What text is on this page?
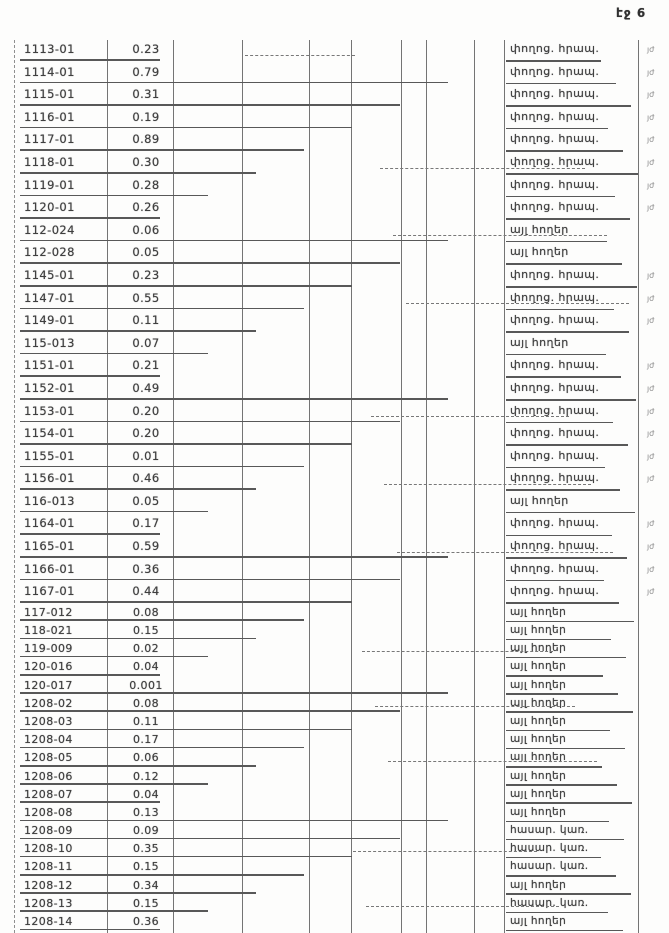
էջ 6
1113-01	0.23	փողոց. հրապ.	յժ
1114-01	0.79	փողոց. հրապ.	յժ
1115-01	0.31	փողոց. հրապ.	յժ
1116-01	0.19	փողոց. հրապ.	յժ
1117-01	0.89	փողոց. հրապ.	յժ
1118-01	0.30	փողոց. հրապ.	յժ
1119-01	0.28	փողոց. հրապ.	յժ
1120-01	0.26	փողոց. հրապ.	յժ
112-024	0.06	այլ հողեր
112-028	0.05	այլ հողեր
1145-01	0.23	փողոց. հրապ.	յժ
1147-01	0.55	փողոց. հրապ.	յժ
1149-01	0.11	փողոց. հրապ.	յժ
115-013	0.07	այլ հողեր
1151-01	0.21	փողոց. հրապ.	յժ
1152-01	0.49	փողոց. հրապ.	յժ
1153-01	0.20	փողոց. հրապ.	յժ
1154-01	0.20	փողոց. հրապ.	յժ
1155-01	0.01	փողոց. հրապ.	յժ
1156-01	0.46	փողոց. հրապ.	յժ
116-013	0.05	այլ հողեր
1164-01	0.17	փողոց. հրապ.	յժ
1165-01	0.59	փողոց. հրապ.	յժ
1166-01	0.36	փողոց. հրապ.	յժ
1167-01	0.44	փողոց. հրապ.	յժ
117-012	0.08	այլ հողեր
118-021	0.15	այլ հողեր
119-009	0.02	այլ հողեր
120-016	0.04	այլ հողեր
120-017	0.001	այլ հողեր
1208-02	0.08	այլ հողեր
1208-03	0.11	այլ հողեր
1208-04	0.17	այլ հողեր
1208-05	0.06	այլ հողեր
1208-06	0.12	այլ հողեր
1208-07	0.04	այլ հողեր
1208-08	0.13	այլ հողեր
1208-09	0.09	հասար. կառ.
1208-10	0.35	հասար. կառ.
1208-11	0.15	հասար. կառ.
1208-12	0.34	այլ հողեր
1208-13	0.15	հասար. կառ.
1208-14	0.36	այլ հողեր
